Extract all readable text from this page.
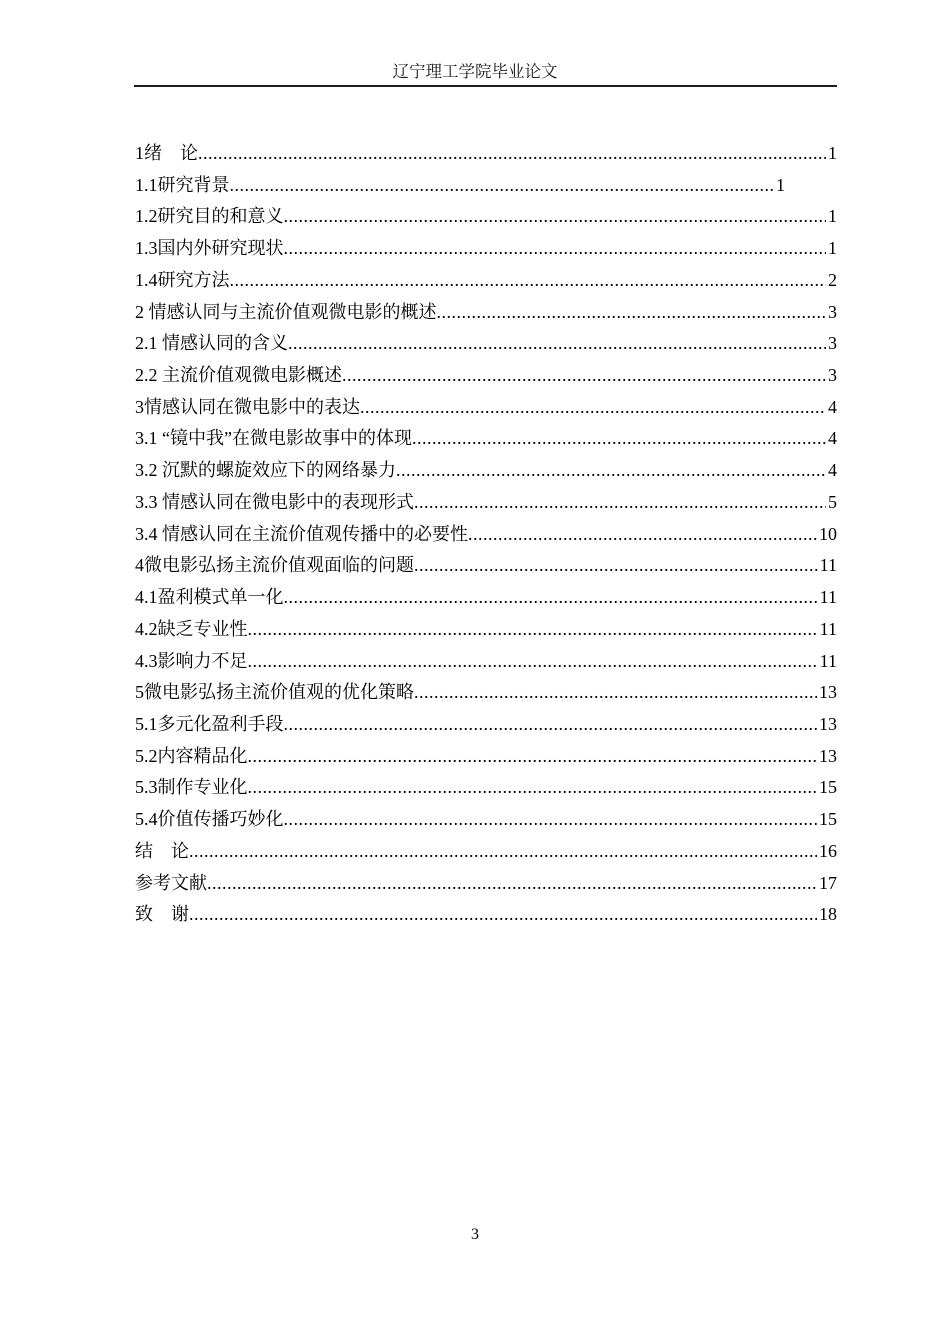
辽宁理工学院毕业论文
1绪　论 .....	1
1.1研究背景 .....	1
1.2研究目的和意义 .....	1
1.3国内外研究现状 .....	1
1.4研究方法 .....	2
2 情感认同与主流价值观微电影的概述 .....	3
2.1 情感认同的含义 .....	3
2.2 主流价值观微电影概述 .....	3
3情感认同在微电影中的表达 .....	4
3.1 “镜中我”在微电影故事中的体现 .....	4
3.2 沉默的螺旋效应下的网络暴力 .....	4
3.3 情感认同在微电影中的表现形式 .....	5
3.4 情感认同在主流价值观传播中的必要性 .....	10
4微电影弘扬主流价值观面临的问题 .....	11
4.1盈利模式单一化 .....	11
4.2缺乏专业性 .....	11
4.3影响力不足 .....	11
5微电影弘扬主流价值观的优化策略 .....	13
5.1多元化盈利手段 .....	13
5.2内容精品化 .....	13
5.3制作专业化 .....	15
5.4价值传播巧妙化 .....	15
结　论 .....	16
参考文献 .....	17
致　谢 .....	18
3
